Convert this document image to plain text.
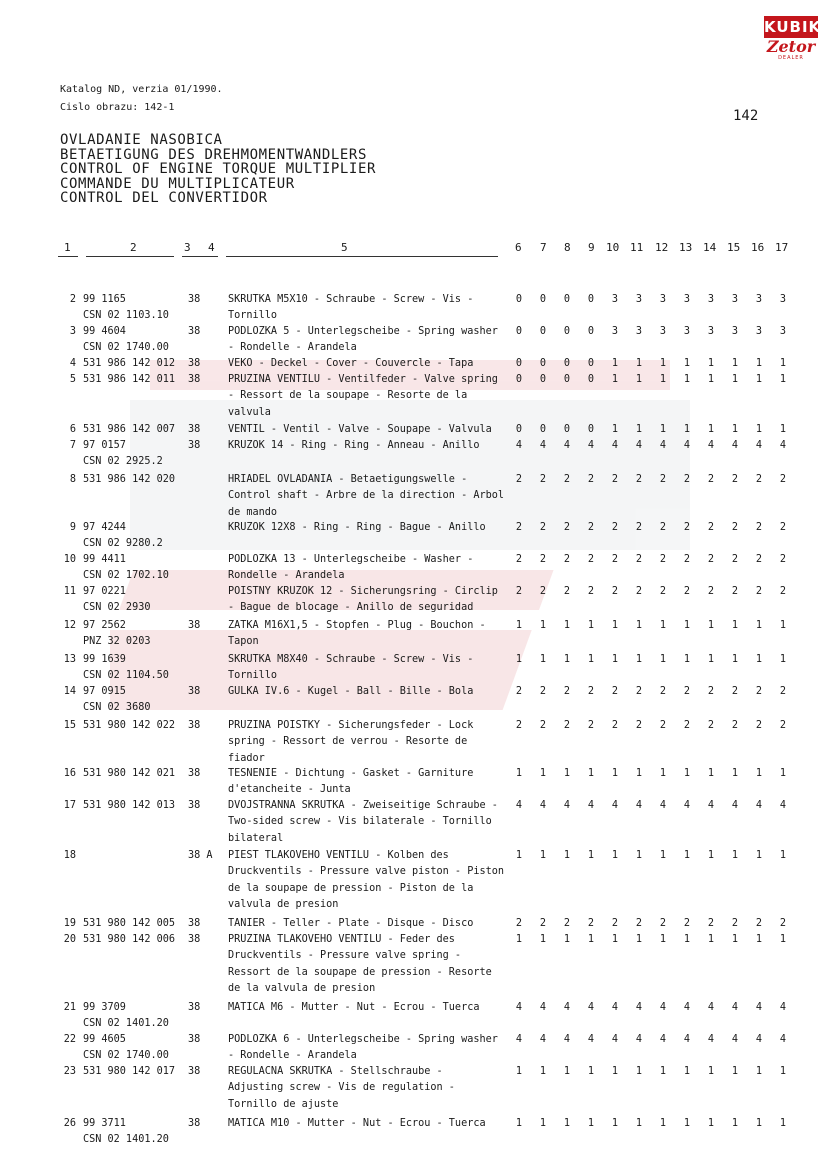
KUBIK
Zetor
DEALER
Katalog ND, verzia 01/1990.
Cislo obrazu: 142-1
142
OVLADANIE NASOBICA
BETAETIGUNG DES DREHMOMENTWANDLERS
CONTROL OF ENGINE TORQUE MULTIPLIER
COMMANDE DU MULTIPLICATEUR
CONTROL DEL CONVERTIDOR
1	2	3 4	5	6 7 8 9 10 11 12 13 14 15 16 17
2 99 1165
CSN 02 1103.10
38	SKRUTKA M5X10 - Schraube - Screw - Vis -
Tornillo
0	0	0	0	3	3	3	3	3	3	3	3
3 99 4604
CSN 02 1740.00
38	PODLOZKA 5 - Unterlegscheibe - Spring washer
- Rondelle - Arandela
0	0	0	0	3	3	3	3	3	3	3	3
4 531 986 142 012 38	VEKO - Deckel - Cover - Couvercle - Tapa	0	0	0	0	1	1	1	1	1	1	1	1
5 531 986 142 011 38	PRUZINA VENTILU - Ventilfeder - Valve spring
- Ressort de la soupape - Resorte de la
valvula
0	0	0	0	1	1	1	1	1	1	1	1
6 531 986 142 007 38	VENTIL - Ventil - Valve - Soupape - Valvula	0	0	0	0	1	1	1	1	1	1	1	1
7 97 0157
CSN 02 2925.2
38	KRUZOK 14 - Ring - Ring - Anneau - Anillo	4	4	4	4	4	4	4	4	4	4	4	4
8 531 986 142 020	HRIADEL OVLADANIA - Betaetigungswelle -
Control shaft - Arbre de la direction - Arbol
de mando
2	2	2	2	2	2	2	2	2	2	2	2
9 97 4244
CSN 02 9280.2
KRUZOK 12X8 - Ring - Ring - Bague - Anillo	2	2	2	2	2	2	2	2	2	2	2	2
10 99 4411
CSN 02 1702.10
PODLOZKA 13 - Unterlegscheibe - Washer -
Rondelle - Arandela
2	2	2	2	2	2	2	2	2	2	2	2
11 97 0221
CSN 02 2930
POISTNY KRUZOK 12 - Sicherungsring - Circlip
- Bague de blocage - Anillo de seguridad
2	2	2	2	2	2	2	2	2	2	2	2
12 97 2562
PNZ 32 0203
38	ZATKA M16X1,5 - Stopfen - Plug - Bouchon -
Tapon
1	1	1	1	1	1	1	1	1	1	1	1
13 99 1639
CSN 02 1104.50
SKRUTKA M8X40 - Schraube - Screw - Vis -
Tornillo
1	1	1	1	1	1	1	1	1	1	1	1
14 97 0915
CSN 02 3680
38	GULKA IV.6 - Kugel - Ball - Bille - Bola	2	2	2	2	2	2	2	2	2	2	2	2
15 531 980 142 022 38	PRUZINA POISTKY - Sicherungsfeder - Lock
spring - Ressort de verrou - Resorte de
fiador
2	2	2	2	2	2	2	2	2	2	2	2
16 531 980 142 021 38	TESNENIE - Dichtung - Gasket - Garniture
d'etancheite - Junta
1	1	1	1	1	1	1	1	1	1	1	1
17 531 980 142 013 38	DVOJSTRANNA SKRUTKA - Zweiseitige Schraube -
Two-sided screw - Vis bilaterale - Tornillo
bilateral
4	4	4	4	4	4	4	4	4	4	4	4
18	38 A PIEST TLAKOVEHO VENTILU - Kolben des
Druckventils - Pressure valve piston - Piston
de la soupape de pression - Piston de la
valvula de presion
1	1	1	1	1	1	1	1	1	1	1	1
19 531 980 142 005 38	TANIER - Teller - Plate - Disque - Disco	2	2	2	2	2	2	2	2	2	2	2	2
20 531 980 142 006 38	PRUZINA TLAKOVEHO VENTILU - Feder des
Druckventils - Pressure valve spring -
Ressort de la soupape de pression - Resorte
de la valvula de presion
1	1	1	1	1	1	1	1	1	1	1	1
21 99 3709
CSN 02 1401.20
38	MATICA M6 - Mutter - Nut - Ecrou - Tuerca	4	4	4	4	4	4	4	4	4	4	4	4
22 99 4605
CSN 02 1740.00
38	PODLOZKA 6 - Unterlegscheibe - Spring washer
- Rondelle - Arandela
4	4	4	4	4	4	4	4	4	4	4	4
23 531 980 142 017 38	REGULACNA SKRUTKA - Stellschraube -
Adjusting screw - Vis de regulation -
Tornillo de ajuste
1	1	1	1	1	1	1	1	1	1	1	1
26 99 3711
CSN 02 1401.20
38	MATICA M10 - Mutter - Nut - Ecrou - Tuerca	1	1	1	1	1	1	1	1	1	1	1	1
